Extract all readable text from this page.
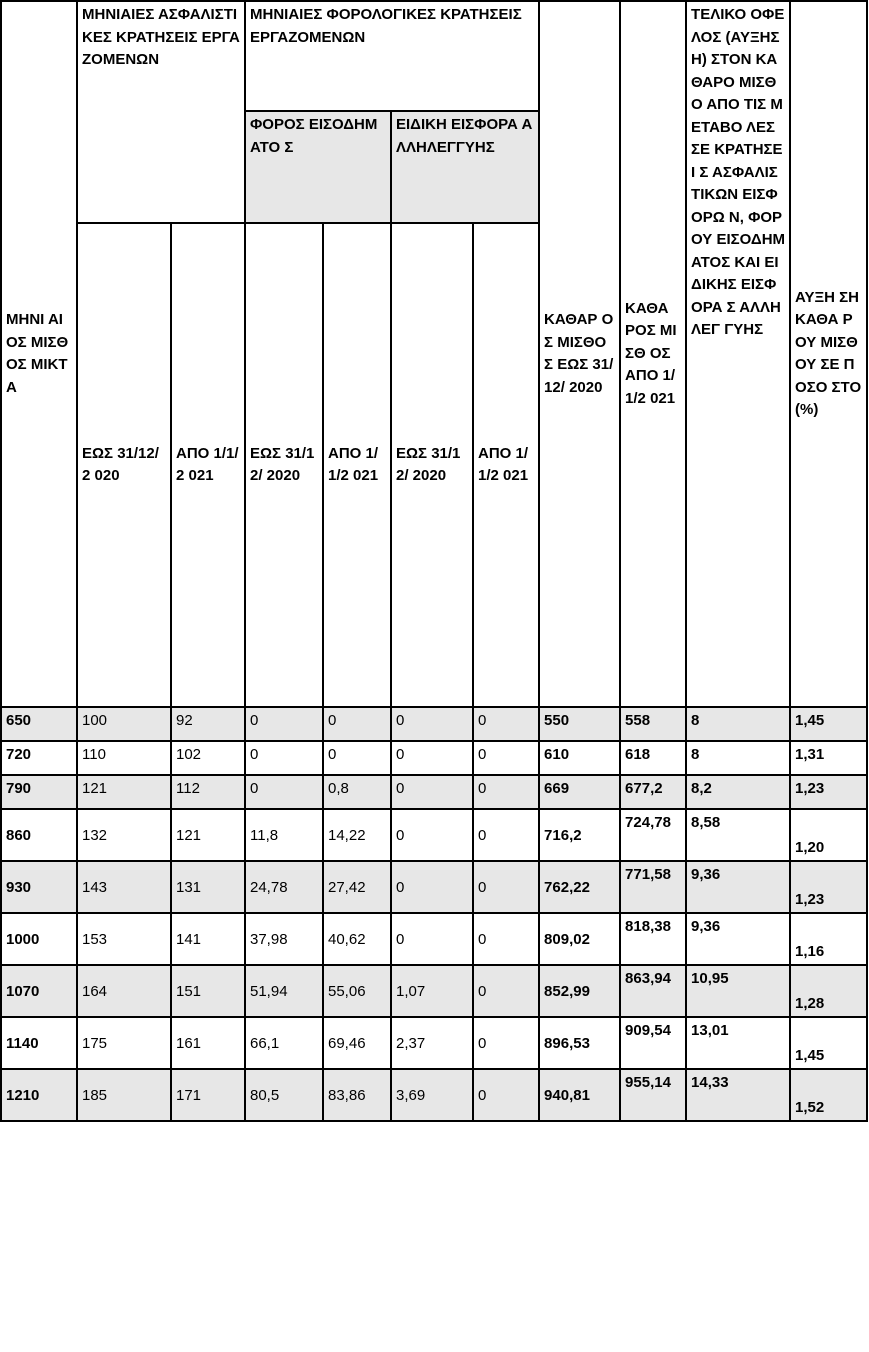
ΜΗΝΙ ΑΙΟΣ ΜΙΣΘ ΟΣ ΜΙΚΤΑ	ΜΗΝΙΑΙΕΣ ΑΣΦΑΛΙΣΤΙΚΕΣ ΚΡΑΤΗΣΕΙΣ ΕΡΓΑΖΟΜΕΝΩΝ		ΜΗΝΙΑΙΕΣ ΦΟΡΟΛΟΓΙΚΕΣ ΚΡΑΤΗΣΕΙΣ ΕΡΓΑΖΟΜΕΝΩΝ				ΚΑΘΑΡ ΟΣ ΜΙΣΘΟ Σ ΕΩΣ 31/12/ 2020	ΚΑΘΑ ΡΟΣ ΜΙΣΘ ΟΣ ΑΠΟ 1/1/2 021	ΤΕΛΙΚΟ ΟΦΕΛΟΣ (ΑΥΞΗΣΗ) ΣΤΟΝ ΚΑΘΑΡΟ ΜΙΣΘΟ ΑΠΟ ΤΙΣ ΜΕΤΑΒΟ ΛΕΣ ΣΕ ΚΡΑΤΗΣΕΙ Σ ΑΣΦΑΛΙΣ ΤΙΚΩΝ ΕΙΣΦΟΡΩ Ν, ΦΟΡΟΥ ΕΙΣΟΔΗΜ ΑΤΟΣ ΚΑΙ ΕΙΔΙΚΗΣ ΕΙΣΦΟΡΑ Σ ΑΛΛΗΛΕΓ ΓΥΗΣ	ΑΥΞΗ ΣΗ ΚΑΘΑ ΡΟΥ ΜΙΣΘ ΟΥ ΣΕ ΠΟΣΟ ΣΤΟ (%)
			ΦΟΡΟΣ ΕΙΣΟΔΗΜΑΤΟ Σ		ΕΙΔΙΚΗ ΕΙΣΦΟΡΑ ΑΛΛΗΛΕΓΓΥΗΣ					
	ΕΩΣ 31/12/2 020	ΑΠΟ 1/1/2 021	ΕΩΣ 31/12/ 2020	ΑΠΟ 1/1/2 021	ΕΩΣ 31/12/ 2020	ΑΠΟ 1/1/2 021				
650	100	92	0	0	0	0	550	558	8	1,45
720	110	102	0	0	0	0	610	618	8	1,31
790	121	112	0	0,8	0	0	669	677,2	8,2	1,23
860	132	121	11,8	14,22	0	0	716,2	724,78	8,58	1,20
930	143	131	24,78	27,42	0	0	762,22	771,58	9,36	1,23
1000	153	141	37,98	40,62	0	0	809,02	818,38	9,36	1,16
1070	164	151	51,94	55,06	1,07	0	852,99	863,94	10,95	1,28
1140	175	161	66,1	69,46	2,37	0	896,53	909,54	13,01	1,45
1210	185	171	80,5	83,86	3,69	0	940,81	955,14	14,33	1,52
